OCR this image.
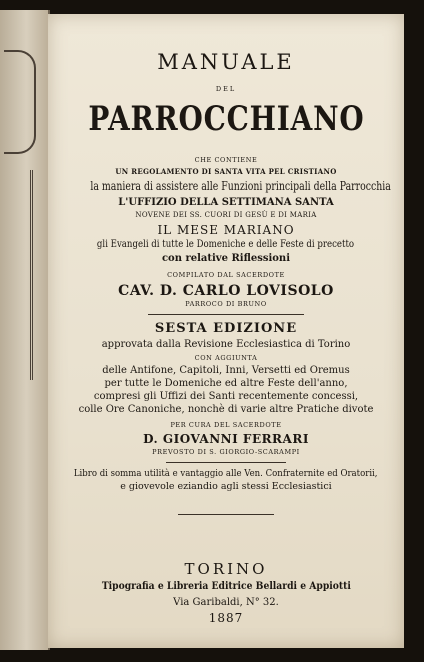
MANUALE
DEL
PARROCCHIANO
CHE CONTIENE
UN REGOLAMENTO DI SANTA VITA PEL CRISTIANO
la maniera di assistere alle Funzioni principali della Parrocchia
L'UFFIZIO DELLA SETTIMANA SANTA
NOVENE DEI SS. CUORI DI GESÙ E DI MARIA
IL MESE MARIANO
gli Evangeli di tutte le Domeniche e delle Feste di precetto
con relative Riflessioni
COMPILATO DAL SACERDOTE
CAV. D. CARLO LOVISOLO
PARROCO DI BRUNO
SESTA EDIZIONE
approvata dalla Revisione Ecclesiastica di Torino
CON AGGIUNTA
delle Antifone, Capitoli, Inni, Versetti ed Oremus
per tutte le Domeniche ed altre Feste dell'anno,
compresi gli Uffizi dei Santi recentemente concessi,
colle Ore Canoniche, nonchè di varie altre Pratiche divote
PER CURA DEL SACERDOTE
D. GIOVANNI FERRARI
PREVOSTO DI S. GIORGIO-SCARAMPI
Libro di somma utilità e vantaggio alle Ven. Confraternite ed Oratorii,
e giovevole eziandio agli stessi Ecclesiastici
TORINO
Tipografia e Libreria Editrice Bellardi e Appiotti
Via Garibaldi, N° 32.
1887
